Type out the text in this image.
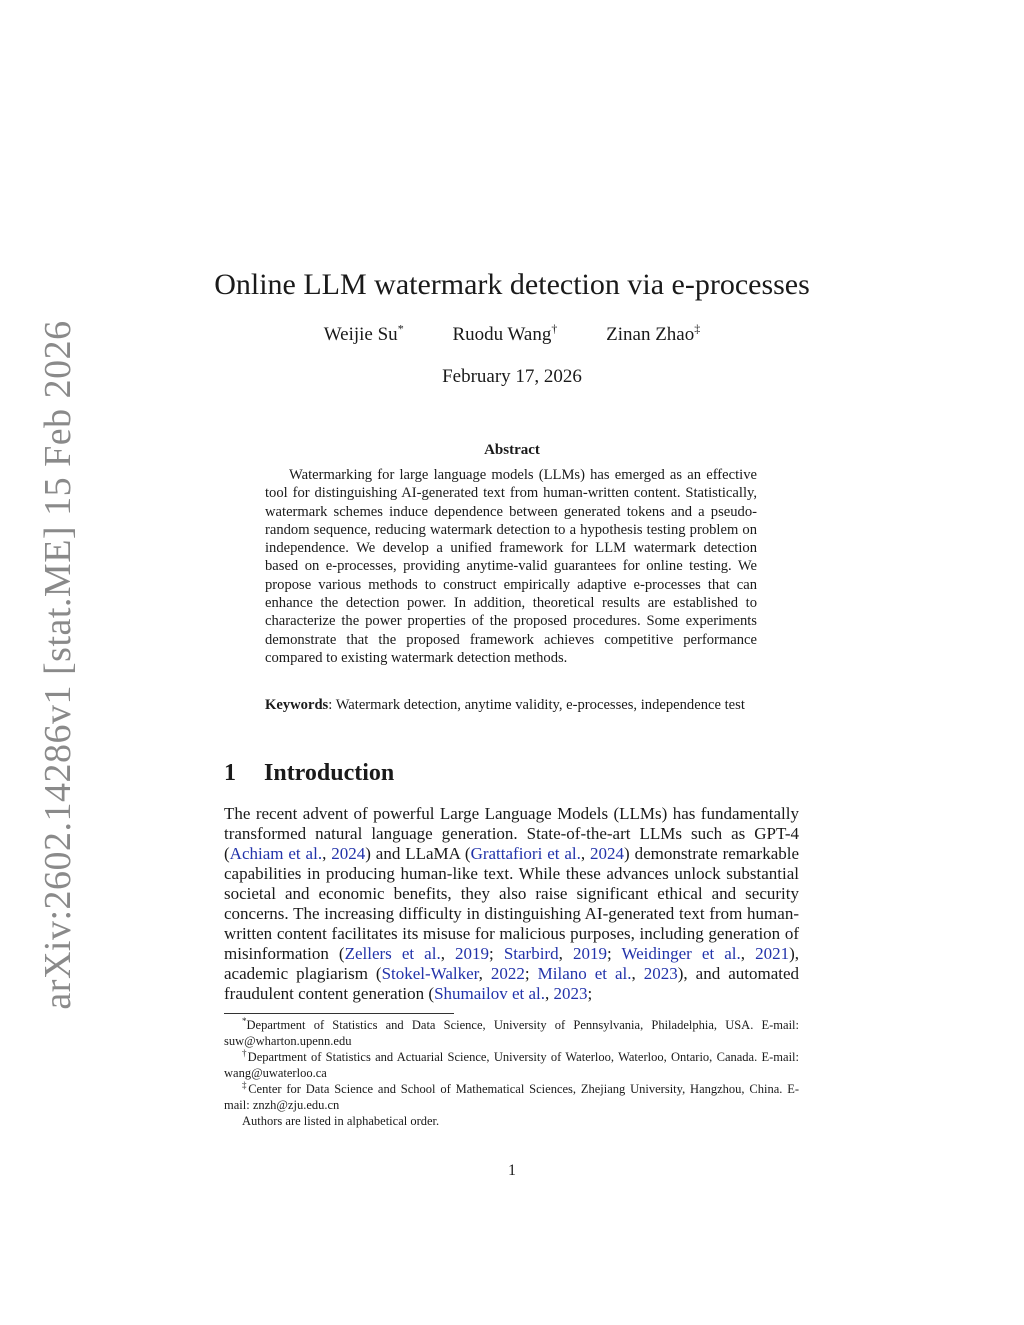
arXiv:2602.14286v1 [stat.ME] 15 Feb 2026
Online LLM watermark detection via e-processes
Weijie Su*	Ruodu Wang†	Zinan Zhao‡
February 17, 2026
Abstract

Watermarking for large language models (LLMs) has emerged as an effective tool for distinguishing AI-generated text from human-written content. Statistically, watermark schemes induce dependence between generated tokens and a pseudo-random sequence, reducing watermark detection to a hypothesis testing problem on independence. We develop a unified framework for LLM watermark detection based on e-processes, providing anytime-valid guarantees for online testing. We propose various methods to construct empirically adaptive e-processes that can enhance the detection power. In addition, theoretical results are established to characterize the power properties of the proposed procedures. Some experiments demonstrate that the proposed framework achieves competitive performance compared to existing watermark detection methods.

Keywords: Watermark detection, anytime validity, e-processes, independence test

1 Introduction

The recent advent of powerful Large Language Models (LLMs) has fundamentally transformed natural language generation. State-of-the-art LLMs such as GPT-4 (Achiam et al., 2024) and LLaMA (Grattafiori et al., 2024) demonstrate remarkable capabilities in producing human-like text. While these advances unlock substantial societal and economic benefits, they also raise significant ethical and security concerns. The increasing difficulty in distinguishing AI-generated text from human-written content facilitates its misuse for malicious purposes, including generation of misinformation (Zellers et al., 2019; Starbird, 2019; Weidinger et al., 2021), academic plagiarism (Stokel-Walker, 2022; Milano et al., 2023), and automated fraudulent content generation (Shumailov et al., 2023;

*Department of Statistics and Data Science, University of Pennsylvania, Philadelphia, USA. E-mail: suw@wharton.upenn.edu

†Department of Statistics and Actuarial Science, University of Waterloo, Waterloo, Ontario, Canada. E-mail: wang@uwaterloo.ca

‡Center for Data Science and School of Mathematical Sciences, Zhejiang University, Hangzhou, China. E-mail: znzh@zju.edu.cn

Authors are listed in alphabetical order.

1
